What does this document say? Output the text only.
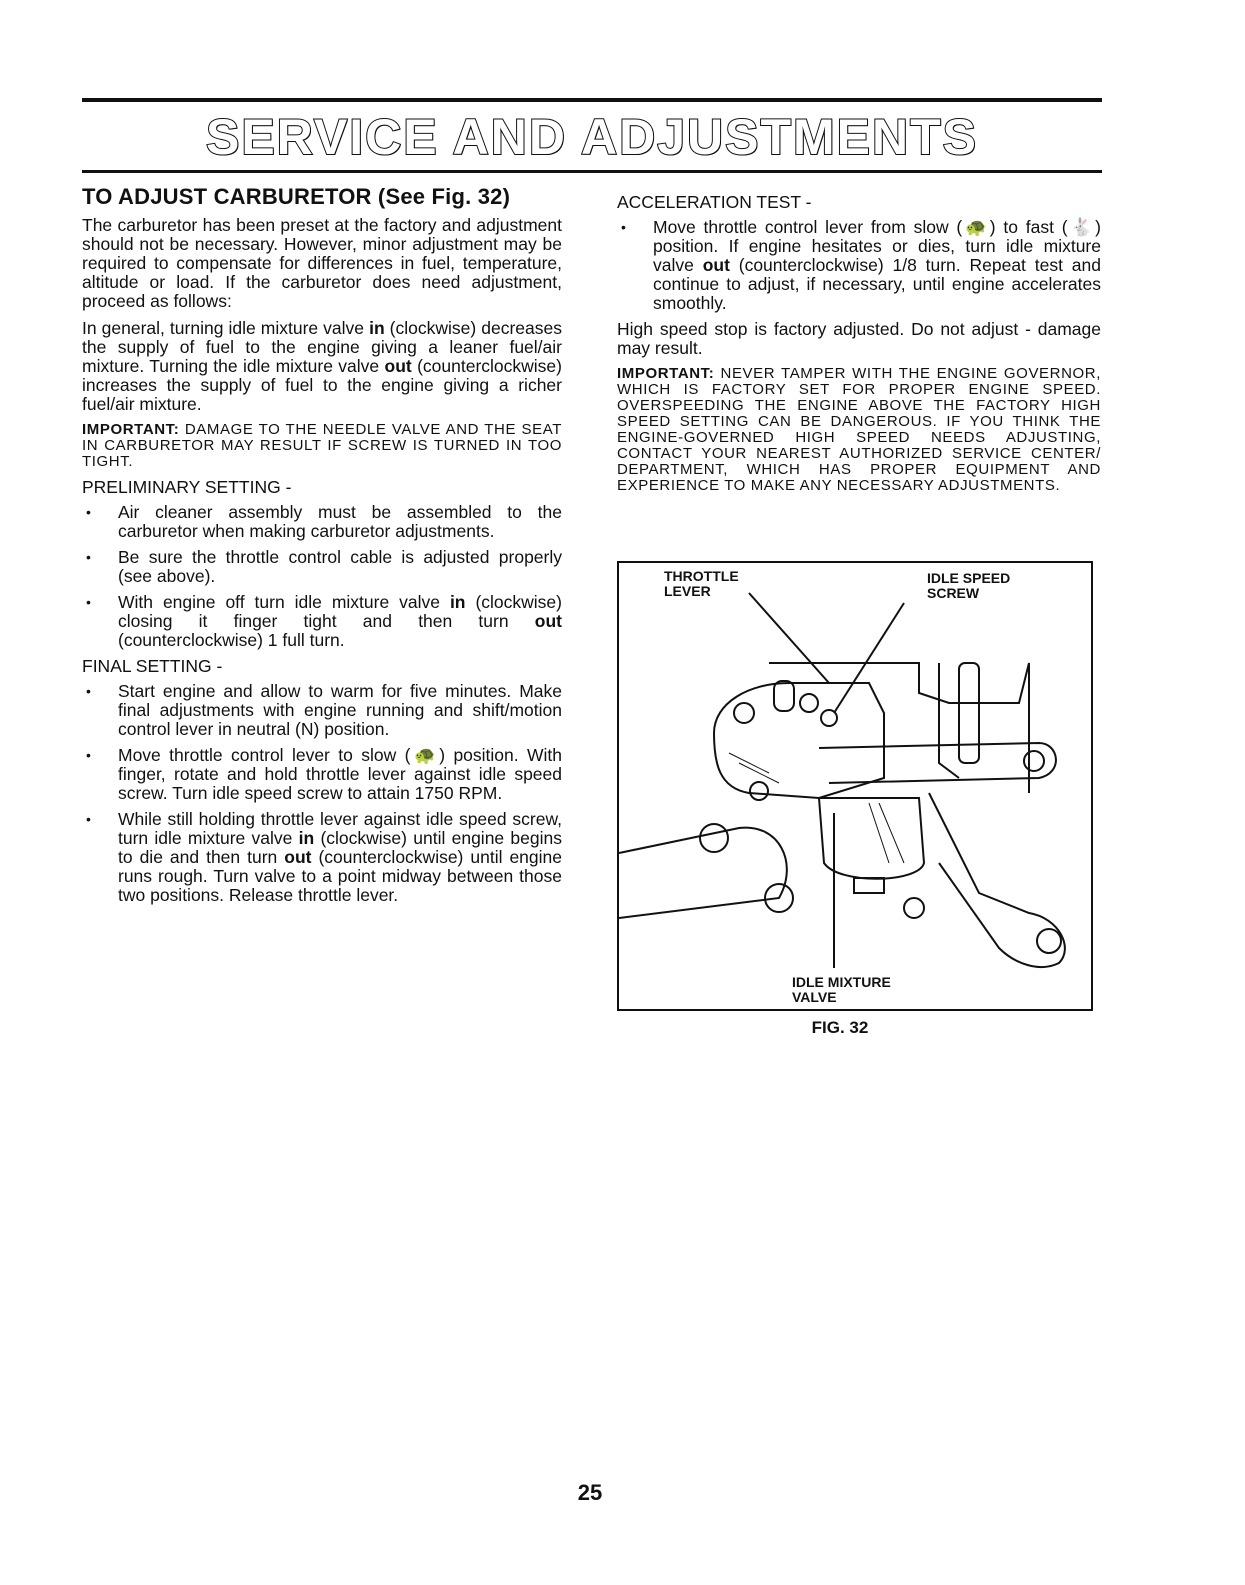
SERVICE AND ADJUSTMENTS
TO ADJUST CARBURETOR (See Fig. 32)

The carburetor has been preset at the factory and adjustment should not be necessary. However, minor adjustment may be required to compensate for differences in fuel, temperature, altitude or load. If the carburetor does need adjustment, proceed as follows:

In general, turning idle mixture valve in (clockwise) decreases the supply of fuel to the engine giving a leaner fuel/air mixture. Turning the idle mixture valve out (counterclockwise) increases the supply of fuel to the engine giving a richer fuel/air mixture.

IMPORTANT: DAMAGE TO THE NEEDLE VALVE AND THE SEAT IN CARBURETOR MAY RESULT IF SCREW IS TURNED IN TOO TIGHT.

PRELIMINARY SETTING -
• Air cleaner assembly must be assembled to the carburetor when making carburetor adjustments.
• Be sure the throttle control cable is adjusted properly (see above).
• With engine off turn idle mixture valve in (clockwise) closing it finger tight and then turn out (counterclockwise) 1 full turn.
FINAL SETTING -
• Start engine and allow to warm for five minutes. Make final adjustments with engine running and shift/motion control lever in neutral (N) position.
• Move throttle control lever to slow (🐢) position. With finger, rotate and hold throttle lever against idle speed screw. Turn idle speed screw to attain 1750 RPM.
• While still holding throttle lever against idle speed screw, turn idle mixture valve in (clockwise) until engine begins to die and then turn out (counterclockwise) until engine runs rough. Turn valve to a point midway between those two positions. Release throttle lever.
ACCELERATION TEST -
• Move throttle control lever from slow (🐢) to fast (🐇) position. If engine hesitates or dies, turn idle mixture valve out (counterclockwise) 1/8 turn. Repeat test and continue to adjust, if necessary, until engine accelerates smoothly.

High speed stop is factory adjusted. Do not adjust - damage may result.

IMPORTANT: NEVER TAMPER WITH THE ENGINE GOVERNOR, WHICH IS FACTORY SET FOR PROPER ENGINE SPEED. OVERSPEEDING THE ENGINE ABOVE THE FACTORY HIGH SPEED SETTING CAN BE DANGEROUS. IF YOU THINK THE ENGINE-GOVERNED HIGH SPEED NEEDS ADJUSTING, CONTACT YOUR NEAREST AUTHORIZED SERVICE CENTER/ DEPARTMENT, WHICH HAS PROPER EQUIPMENT AND EXPERIENCE TO MAKE ANY NECESSARY ADJUSTMENTS.

THROTTLE
LEVER
IDLE SPEED
SCREW
IDLE MIXTURE
VALVE
FIG. 32
25
